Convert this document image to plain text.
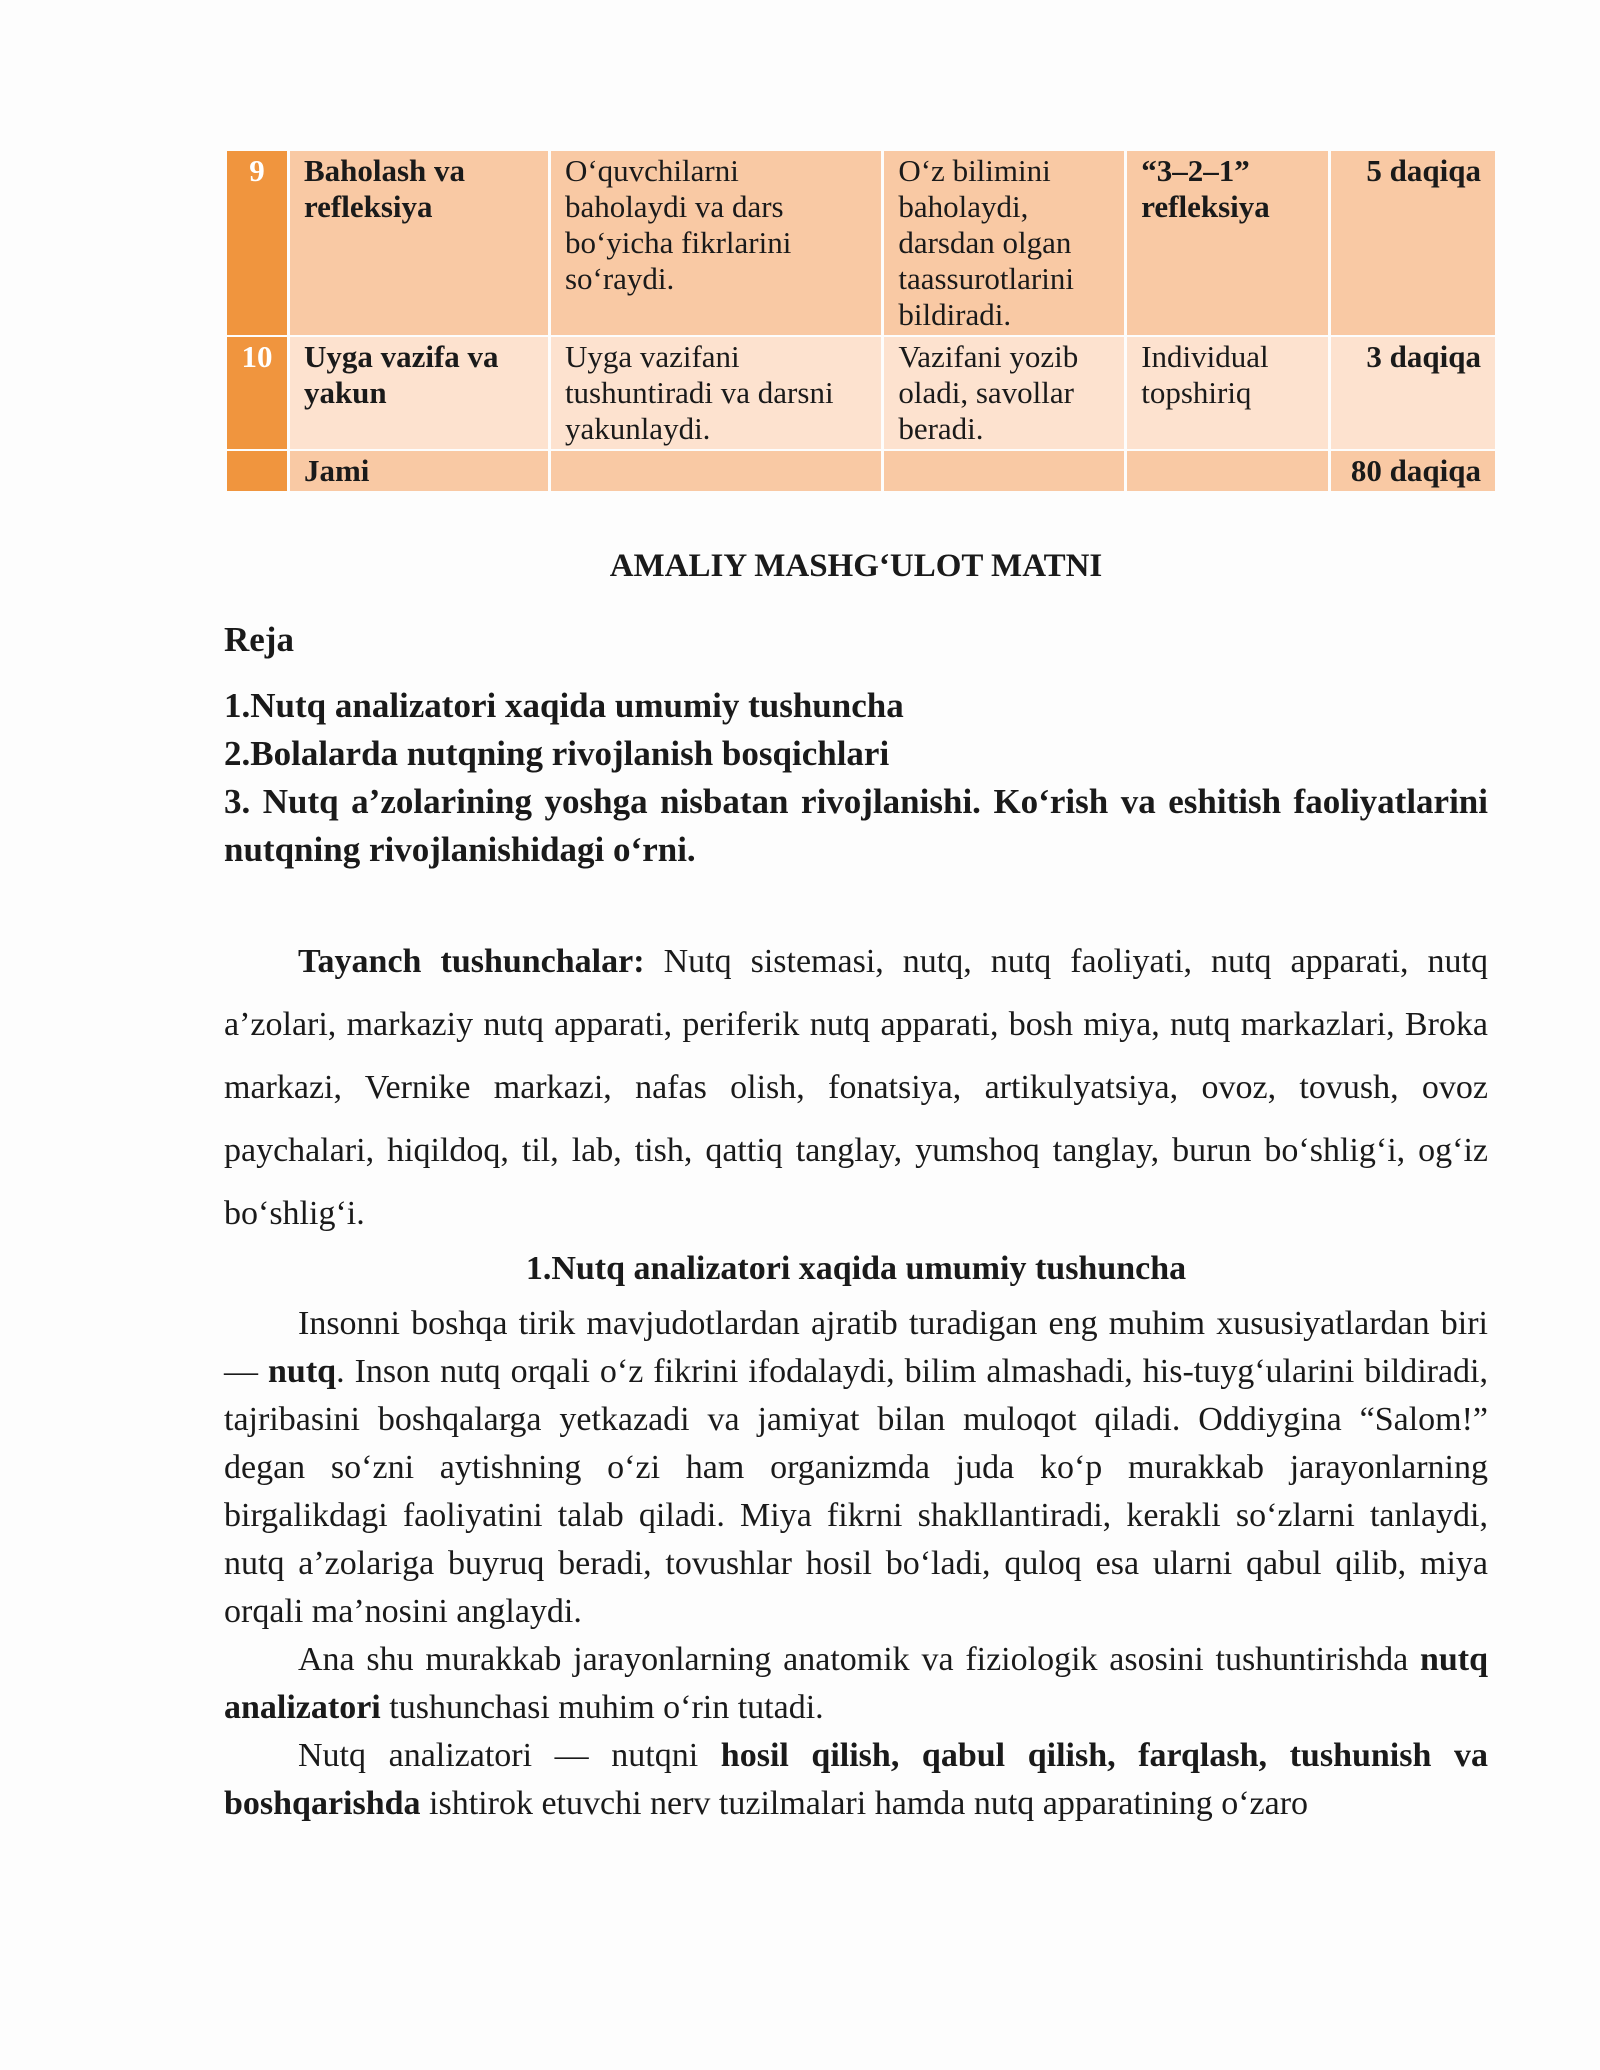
9	Baholash va refleksiya	O‘quvchilarni baholaydi va dars bo‘yicha fikrlarini so‘raydi.	O‘z bilimini baholaydi, darsdan olgan taassurotlarini bildiradi.	“3–2–1” refleksiya	5 daqiqa
10	Uyga vazifa va yakun	Uyga vazifani tushuntiradi va darsni yakunlaydi.	Vazifani yozib oladi, savollar beradi.	Individual topshiriq	3 daqiqa
	Jami				80 daqiqa
AMALIY MASHG‘ULOT MATNI
Reja
1.Nutq analizatori xaqida umumiy tushuncha
2.Bolalarda nutqning rivojlanish bosqichlari
3. Nutq a’zolarining yoshga nisbatan rivojlanishi. Ko‘rish va eshitish faoliyatlarini nutqning rivojlanishidagi o‘rni.
Tayanch tushunchalar: Nutq sistemasi, nutq, nutq faoliyati, nutq apparati, nutq a’zolari, markaziy nutq apparati, periferik nutq apparati, bosh miya, nutq markazlari, Broka markazi, Vernike markazi, nafas olish, fonatsiya, artikulyatsiya, ovoz, tovush, ovoz paychalari, hiqildoq, til, lab, tish, qattiq tanglay, yumshoq tanglay, burun bo‘shlig‘i, og‘iz bo‘shlig‘i.
1.Nutq analizatori xaqida umumiy tushuncha
Insonni boshqa tirik mavjudotlardan ajratib turadigan eng muhim xususiyatlardan biri — nutq. Inson nutq orqali o‘z fikrini ifodalaydi, bilim almashadi, his-tuyg‘ularini bildiradi, tajribasini boshqalarga yetkazadi va jamiyat bilan muloqot qiladi. Oddiygina “Salom!” degan so‘zni aytishning o‘zi ham organizmda juda ko‘p murakkab jarayonlarning birgalikdagi faoliyatini talab qiladi. Miya fikrni shakllantiradi, kerakli so‘zlarni tanlaydi, nutq a’zolariga buyruq beradi, tovushlar hosil bo‘ladi, quloq esa ularni qabul qilib, miya orqali ma’nosini anglaydi.
Ana shu murakkab jarayonlarning anatomik va fiziologik asosini tushuntirishda nutq analizatori tushunchasi muhim o‘rin tutadi.
Nutq analizatori — nutqni hosil qilish, qabul qilish, farqlash, tushunish va boshqarishda ishtirok etuvchi nerv tuzilmalari hamda nutq apparatining o‘zaro
